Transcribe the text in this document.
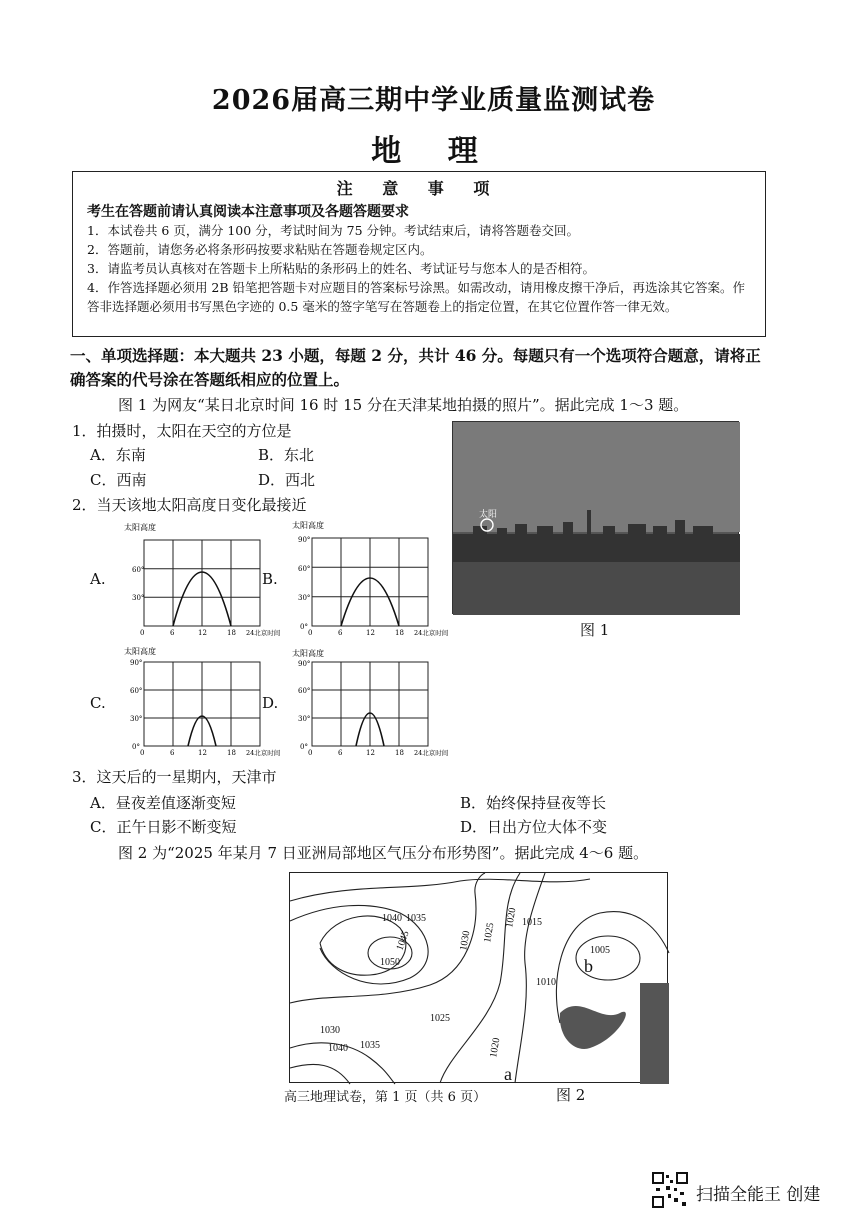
2026届高三期中学业质量监测试卷
地 理
注 意 事 项
考生在答题前请认真阅读本注意事项及各题答题要求
1．本试卷共 6 页，满分 100 分，考试时间为 75 分钟。考试结束后，请将答题卷交回。
2．答题前，请您务必将条形码按要求粘贴在答题卷规定区内。
3．请监考员认真核对在答题卡上所粘贴的条形码上的姓名、考试证号与您本人的是否相符。
4．作答选择题必须用 2B 铅笔把答题卡对应题目的答案标号涂黑。如需改动，请用橡皮擦干净后，再选涂其它答案。作答非选择题必须用书写黑色字迹的 0.5 毫米的签字笔写在答题卷上的指定位置，在其它位置作答一律无效。
一、单项选择题：本大题共 23 小题，每题 2 分，共计 46 分。每题只有一个选项符合题意，请将正确答案的代号涂在答题纸相应的位置上。
图 1 为网友“某日北京时间 16 时 15 分在天津某地拍摄的照片”。据此完成 1～3 题。
1．拍摄时，太阳在天空的方位是
A．东南	B．东北
C．西南	D．西北
2．当天该地太阳高度日变化最接近
A.	B.
C.	D.
太阳高度
60°
30°
0	6	12	18 24北京时间
太阳高度
90°
60°
30°
0°
0	6	12	18 24北京时间
太阳高度
90°
60°
30°
0°
0	6	12	18 24北京时间
太阳高度
90°
60°
30°
0°
0	6	12	18 24北京时间
太阳
图 1
3．这天后的一星期内，天津市
A．昼夜差值逐渐变短	B．始终保持昼夜等长
C．正午日影不断变短	D．日出方位大体不变
图 2 为“2025 年某月 7 日亚洲局部地区气压分布形势图”。据此完成 4～6 题。
1040 1035
1045
1050
1030 1025
1020 1015
1005
1010
1025
1030
1040 1035	1020
b
a
高三地理试卷，第 1 页（共 6 页）	图 2
扫描全能王 创建
